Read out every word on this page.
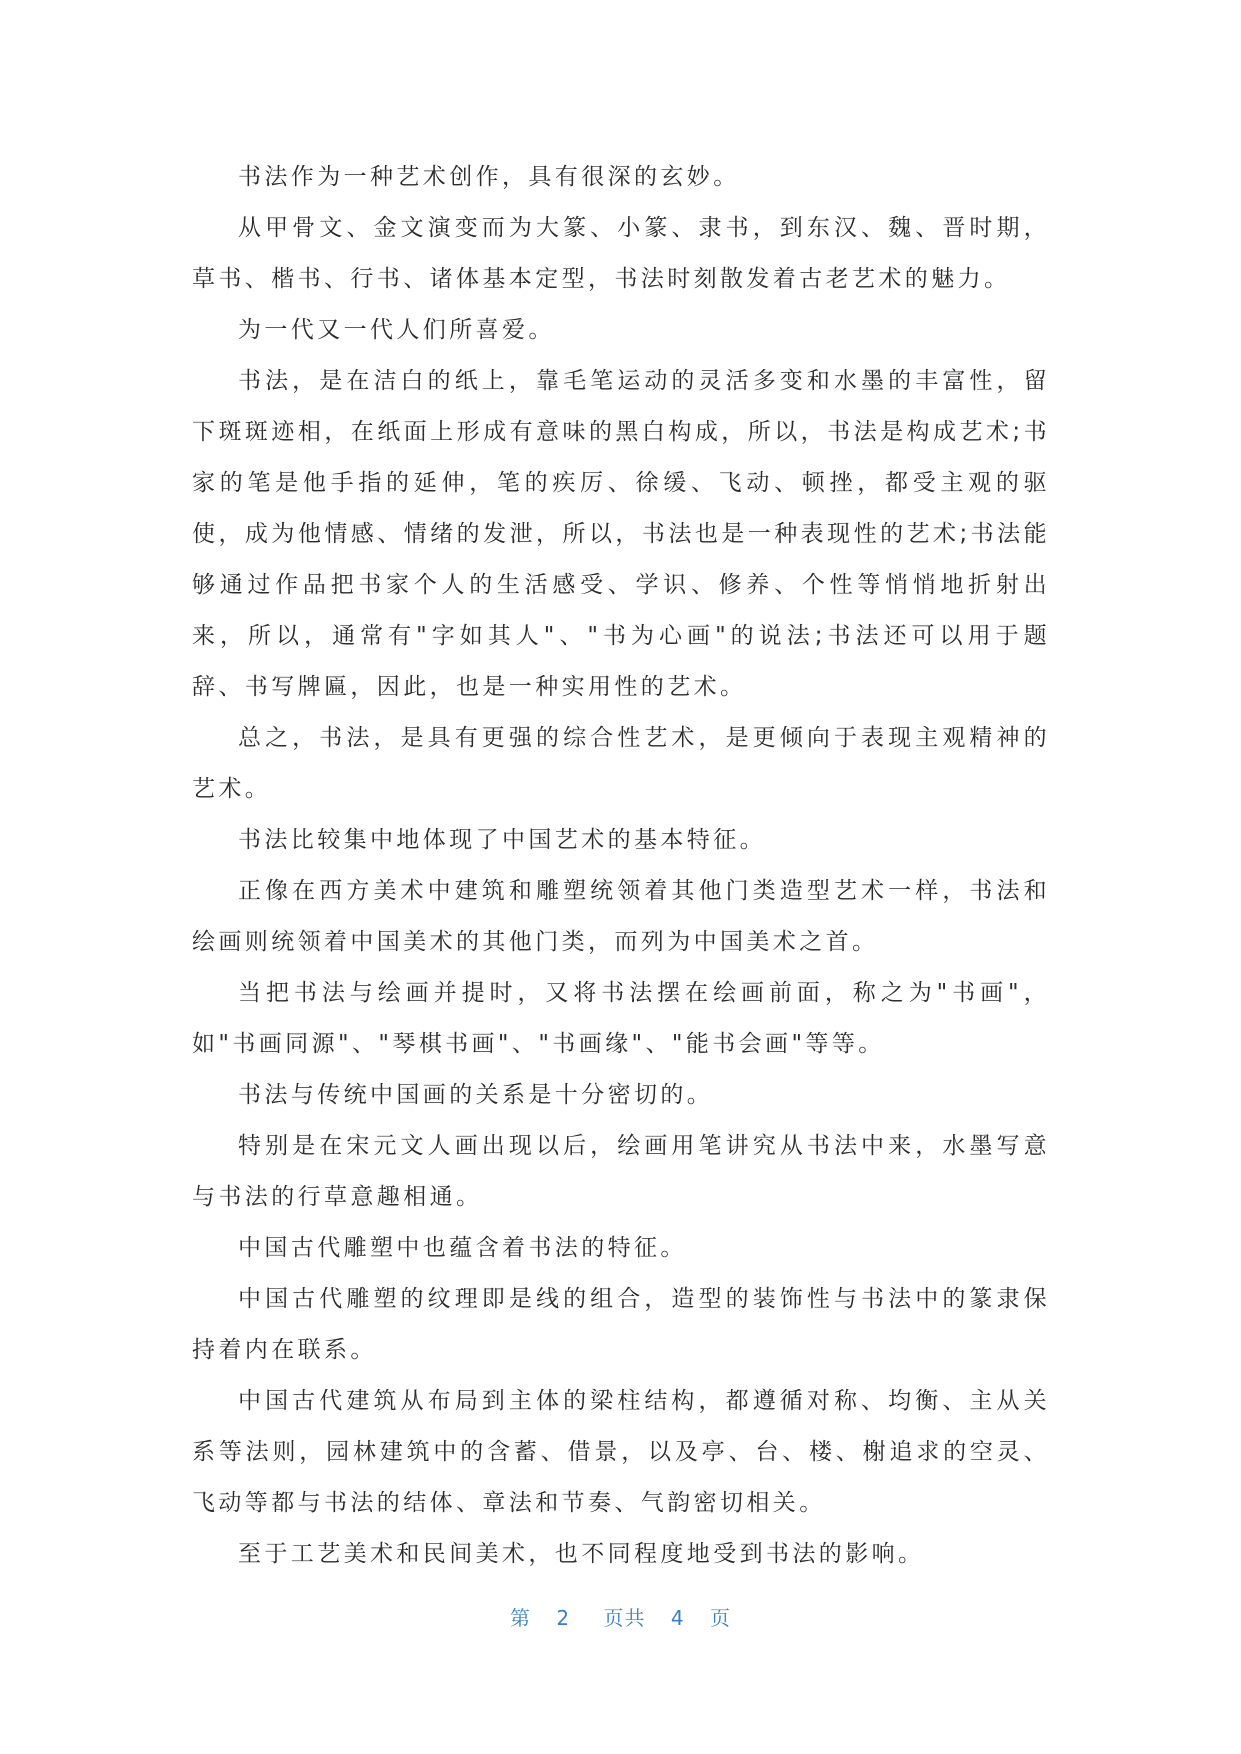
书法作为一种艺术创作，具有很深的玄妙。

从甲骨文、金文演变而为大篆、小篆、隶书，到东汉、魏、晋时期，草书、楷书、行书、诸体基本定型，书法时刻散发着古老艺术的魅力。

为一代又一代人们所喜爱。

书法，是在洁白的纸上，靠毛笔运动的灵活多变和水墨的丰富性，留下斑斑迹相，在纸面上形成有意味的黑白构成，所以，书法是构成艺术;书家的笔是他手指的延伸，笔的疾厉、徐缓、飞动、顿挫，都受主观的驱使，成为他情感、情绪的发泄，所以，书法也是一种表现性的艺术;书法能够通过作品把书家个人的生活感受、学识、修养、个性等悄悄地折射出来，所以，通常有"字如其人"、"书为心画"的说法;书法还可以用于题辞、书写牌匾，因此，也是一种实用性的艺术。

总之，书法，是具有更强的综合性艺术，是更倾向于表现主观精神的艺术。

书法比较集中地体现了中国艺术的基本特征。

正像在西方美术中建筑和雕塑统领着其他门类造型艺术一样，书法和绘画则统领着中国美术的其他门类，而列为中国美术之首。

当把书法与绘画并提时，又将书法摆在绘画前面，称之为"书画"，如"书画同源"、"琴棋书画"、"书画缘"、"能书会画"等等。

书法与传统中国画的关系是十分密切的。

特别是在宋元文人画出现以后，绘画用笔讲究从书法中来，水墨写意与书法的行草意趣相通。

中国古代雕塑中也蕴含着书法的特征。

中国古代雕塑的纹理即是线的组合，造型的装饰性与书法中的篆隶保持着内在联系。

中国古代建筑从布局到主体的梁柱结构，都遵循对称、均衡、主从关系等法则，园林建筑中的含蓄、借景，以及亭、台、楼、榭追求的空灵、飞动等都与书法的结体、章法和节奏、气韵密切相关。

至于工艺美术和民间美术，也不同程度地受到书法的影响。

第 2 页共 4 页
